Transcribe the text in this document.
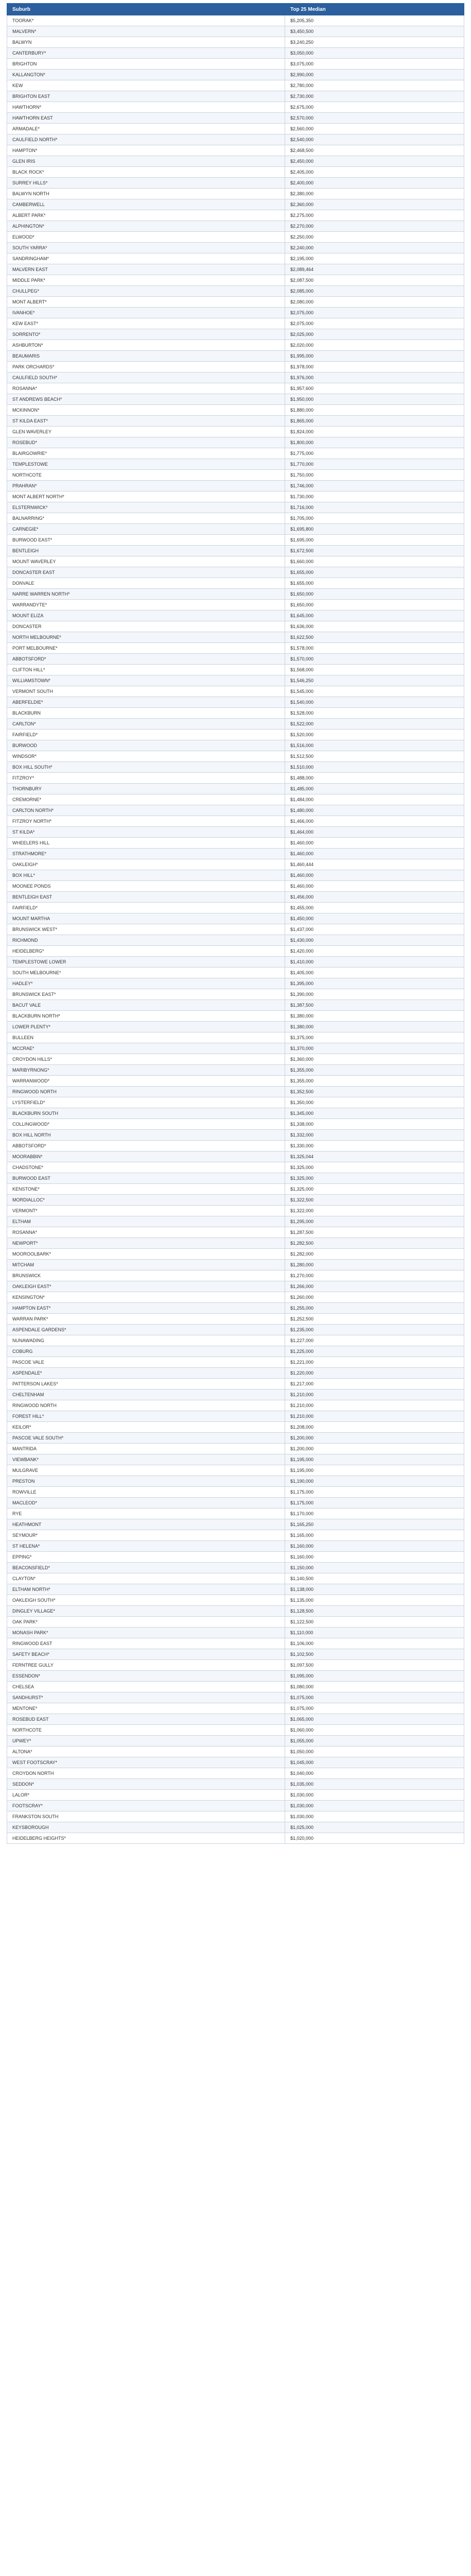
Suburb	Top 25 Median
TOORAK*	$5,205,350
MALVERN*	$3,450,500
BALWYN	$3,240,250
CANTERBURY*	$3,050,000
BRIGHTON	$3,075,000
KALLANGTON*	$2,990,000
KEW	$2,780,000
BRIGHTON EAST	$2,730,000
HAWTHORN*	$2,675,000
HAWTHORN EAST	$2,570,000
ARMADALE*	$2,560,000
CAULFIELD NORTH*	$2,540,000
HAMPTON*	$2,468,500
GLEN IRIS	$2,450,000
BLACK ROCK*	$2,405,000
SURREY HILLS*	$2,400,000
BALWYN NORTH	$2,380,000
CAMBERWELL	$2,360,000
ALBERT PARK*	$2,275,000
ALPHINGTON*	$2,270,000
ELWOOD*	$2,250,000
SOUTH YARRA*	$2,240,000
SANDRINGHAM*	$2,195,000
MALVERN EAST	$2,089,464
MIDDLE PARK*	$2,087,500
CHULLPEG*	$2,085,000
MONT ALBERT*	$2,080,000
IVANHOE*	$2,075,000
KEW EAST*	$2,075,000
SORRENTO*	$2,025,000
ASHBURTON*	$2,020,000
BEAUMARIS	$1,995,000
PARK ORCHARDS*	$1,978,000
CAULFIELD SOUTH*	$1,976,000
ROSANNA*	$1,957,600
ST ANDREWS BEACH*	$1,950,000
MCKINNON*	$1,880,000
ST KILDA EAST*	$1,865,000
GLEN WAVERLEY	$1,824,000
ROSEBUD*	$1,800,000
BLAIRGOWRIE*	$1,775,000
TEMPLESTOWE	$1,770,000
NORTHCOTE	$1,750,000
PRAHRAN*	$1,746,000
MONT ALBERT NORTH*	$1,730,000
ELSTERNWICK*	$1,716,000
BALNARRING*	$1,705,000
CARNEGIE*	$1,695,800
BURWOOD EAST*	$1,695,000
BENTLEIGH	$1,672,500
MOUNT WAVERLEY	$1,660,000
DONCASTER EAST	$1,655,000
DONVALE	$1,655,000
NARRE WARREN NORTH*	$1,650,000
WARRANDYTE*	$1,650,000
MOUNT ELIZA	$1,645,000
DONCASTER	$1,636,000
NORTH MELBOURNE*	$1,622,500
PORT MELBOURNE*	$1,578,000
ABBOTSFORD*	$1,570,000
CLIFTON HILL*	$1,568,000
WILLIAMSTOWN*	$1,546,250
VERMONT SOUTH	$1,545,000
ABERFELDIE*	$1,540,000
BLACKBURN	$1,528,000
CARLTON*	$1,522,000
FAIRFIELD*	$1,520,000
BURWOOD	$1,516,000
WINDSOR*	$1,512,500
BOX HILL SOUTH*	$1,510,000
FITZROY*	$1,488,000
THORNBURY	$1,485,000
CREMORNE*	$1,484,000
CARLTON NORTH*	$1,480,000
FITZROY NORTH*	$1,466,000
ST KILDA*	$1,464,000
WHEELERS HILL	$1,460,000
STRATHMORE*	$1,460,000
OAKLEIGH*	$1,460,444
BOX HILL*	$1,460,000
MOONEE PONDS	$1,460,000
BENTLEIGH EAST	$1,456,000
FAIRFIELD*	$1,455,000
MOUNT MARTHA	$1,450,000
BRUNSWICK WEST*	$1,437,000
RICHMOND	$1,430,000
HEIDELBERG*	$1,420,000
TEMPLESTOWE LOWER	$1,410,000
SOUTH MELBOURNE*	$1,405,000
HADLEY*	$1,395,000
BRUNSWICK EAST*	$1,390,000
BACUT VALE	$1,387,500
BLACKBURN NORTH*	$1,380,000
LOWER PLENTY*	$1,380,000
BULLEEN	$1,375,000
MCCRAE*	$1,370,000
CROYDON HILLS*	$1,360,000
MARIBYRNONG*	$1,355,000
WARRANWOOD*	$1,355,000
RINGWOOD NORTH	$1,352,500
LYSTERFIELD*	$1,350,000
BLACKBURN SOUTH	$1,345,000
COLLINGWOOD*	$1,338,000
BOX HILL NORTH	$1,332,000
ABBOTSFORD*	$1,330,000
MOORABBIN*	$1,325,044
CHADSTONE*	$1,325,000
BURWOOD EAST	$1,325,000
KENSTONE*	$1,325,000
MORDIALLOC*	$1,322,500
VERMONT*	$1,322,000
ELTHAM	$1,295,000
ROSANNA*	$1,287,500
NEWPORT*	$1,282,500
MOOROOLBARK*	$1,282,000
MITCHAM	$1,280,000
BRUNSWICK	$1,270,000
OAKLEIGH EAST*	$1,266,000
KENSINGTON*	$1,260,000
HAMPTON EAST*	$1,255,000
WARRAN PARK*	$1,252,500
ASPENDALE GARDENS*	$1,235,000
NUNAWADING	$1,227,000
COBURG	$1,225,000
PASCOE VALE	$1,221,000
ASPENDALE*	$1,220,000
PATTERSON LAKES*	$1,217,000
CHELTENHAM	$1,210,000
RINGWOOD NORTH	$1,210,000
FOREST HILL*	$1,210,000
KEILOR*	$1,208,000
PASCOE VALE SOUTH*	$1,200,000
MANTRIDA	$1,200,000
VIEWBANK*	$1,195,000
MULGRAVE	$1,195,000
PRESTON	$1,190,000
ROWVILLE	$1,175,000
MACLEOD*	$1,175,000
RYE	$1,170,000
HEATHMONT	$1,165,250
SEYMOUR*	$1,165,000
ST HELENA*	$1,160,000
EPPING*	$1,160,000
BEACONSFIELD*	$1,150,000
CLAYTON*	$1,140,500
ELTHAM NORTH*	$1,138,000
OAKLEIGH SOUTH*	$1,135,000
DINGLEY VILLAGE*	$1,128,500
OAK PARK*	$1,122,500
MONASH PARK*	$1,110,000
RINGWOOD EAST	$1,106,000
SAFETY BEACH*	$1,102,500
FERNTREE GULLY	$1,097,500
ESSENDON*	$1,095,000
CHELSEA	$1,080,000
SANDHURST*	$1,075,000
MENTONE*	$1,075,000
ROSEBUD EAST	$1,065,000
NORTHCOTE	$1,060,000
UPWEY*	$1,055,000
ALTONA*	$1,050,000
WEST FOOTSCRAY*	$1,045,000
CROYDON NORTH	$1,040,000
SEDDON*	$1,035,000
LALOR*	$1,030,000
FOOTSCRAY*	$1,030,000
FRANKSTON SOUTH	$1,030,000
KEYSBOROUGH	$1,025,000
HEIDELBERG HEIGHTS*	$1,020,000
